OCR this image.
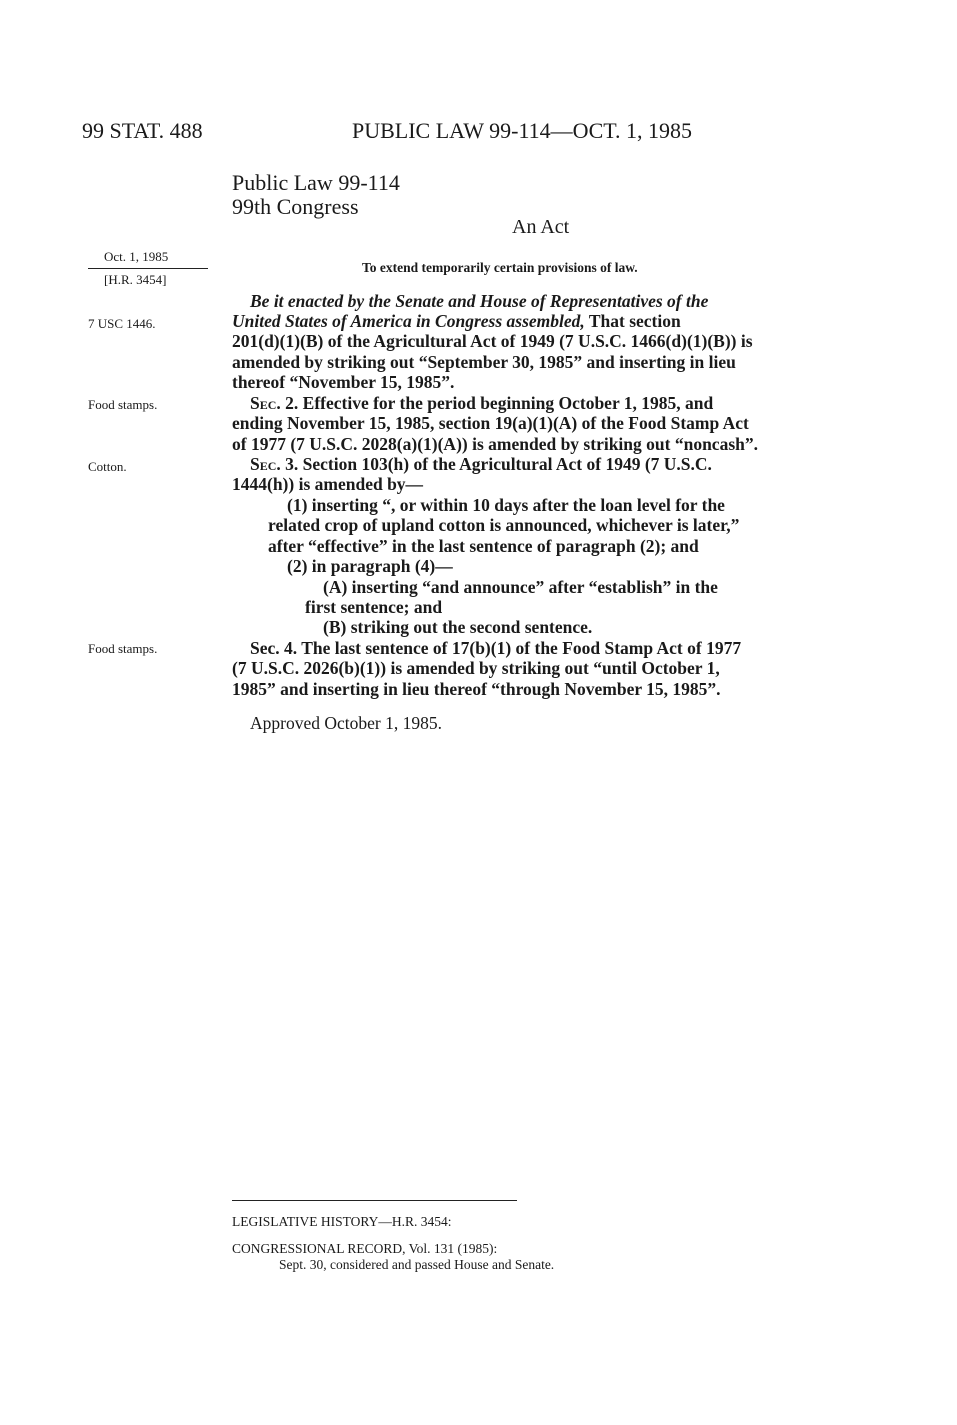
99 STAT. 488	PUBLIC LAW 99-114—OCT. 1, 1985
Public Law 99-114
99th Congress
An Act
Oct. 1, 1985
[H.R. 3454]
To extend temporarily certain provisions of law.
7 USC 1446.
Food stamps.
Cotton.
Food stamps.
Be it enacted by the Senate and House of Representatives of the
United States of America in Congress assembled, That section
201(d)(1)(B) of the Agricultural Act of 1949 (7 U.S.C. 1466(d)(1)(B)) is
amended by striking out “September 30, 1985” and inserting in lieu
thereof “November 15, 1985”.
Sec. 2. Effective for the period beginning October 1, 1985, and
ending November 15, 1985, section 19(a)(1)(A) of the Food Stamp Act
of 1977 (7 U.S.C. 2028(a)(1)(A)) is amended by striking out “noncash”.
Sec. 3. Section 103(h) of the Agricultural Act of 1949 (7 U.S.C.
1444(h)) is amended by—
(1) inserting “, or within 10 days after the loan level for the
related crop of upland cotton is announced, whichever is later,”
after “effective” in the last sentence of paragraph (2); and
(2) in paragraph (4)—
(A) inserting “and announce” after “establish” in the
first sentence; and
(B) striking out the second sentence.
Sec. 4. The last sentence of 17(b)(1) of the Food Stamp Act of 1977
(7 U.S.C. 2026(b)(1)) is amended by striking out “until October 1,
1985” and inserting in lieu thereof “through November 15, 1985”.
Approved October 1, 1985.
LEGISLATIVE HISTORY—H.R. 3454:
CONGRESSIONAL RECORD, Vol. 131 (1985):
Sept. 30, considered and passed House and Senate.
